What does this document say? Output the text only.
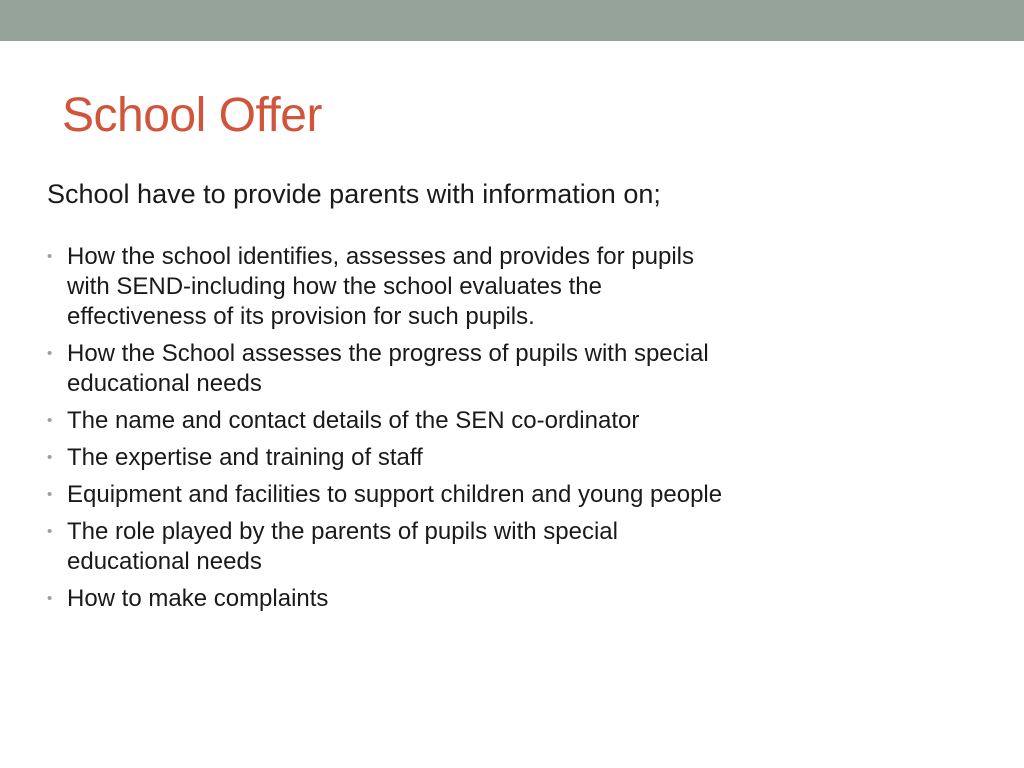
School Offer

School have to provide parents with information on;

• How the school identifies, assesses and provides for pupils
with SEND-including how the school evaluates the
effectiveness of its provision for such pupils.
• How the School assesses the progress of pupils with special
educational needs
• The name and contact details of the SEN co-ordinator
• The expertise and training of staff
• Equipment and facilities to support children and young people
• The role played by the parents of pupils with special
educational needs
• How to make complaints
